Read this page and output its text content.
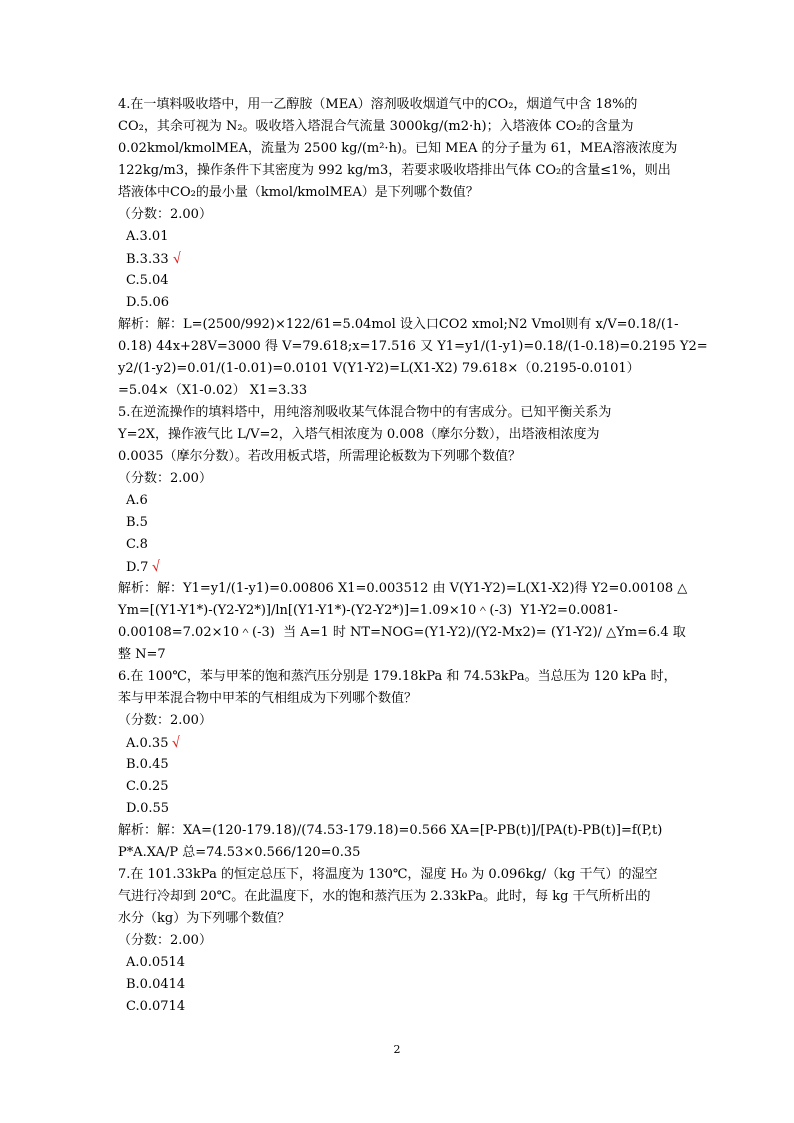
4.在一填料吸收塔中，用一乙醇胺（MEA）溶剂吸收烟道气中的CO₂，烟道气中含 18%的
CO₂，其余可视为 N₂。吸收塔入塔混合气流量 3000kg/(m2·h)；入塔液体 CO₂的含量为
0.02kmol/kmolMEA，流量为 2500 kg/(m²·h)。已知 MEA 的分子量为 61，MEA溶液浓度为
122kg/m3，操作条件下其密度为 992 kg/m3，若要求吸收塔排出气体 CO₂的含量≤1%，则出
塔液体中CO₂的最小量（kmol/kmolMEA）是下列哪个数值？
（分数：2.00）
A.3.01
B.3.33 √
C.5.04
D.5.06
解析：解：L=(2500/992)×122/61=5.04mol 设入口CO2 xmol;N2 Vmol则有 x/V=0.18/(1-
0.18) 44x+28V=3000 得 V=79.618;x=17.516 又 Y1=y1/(1-y1)=0.18/(1-0.18)=0.2195 Y2=
y2/(1-y2)=0.01/(1-0.01)=0.0101 V(Y1-Y2)=L(X1-X2) 79.618×（0.2195-0.0101）
=5.04×（X1-0.02） X1=3.33
5.在逆流操作的填料塔中，用纯溶剂吸收某气体混合物中的有害成分。已知平衡关系为
Y=2X，操作液气比 L/V=2，入塔气相浓度为 0.008（摩尔分数），出塔液相浓度为
0.0035（摩尔分数）。若改用板式塔，所需理论板数为下列哪个数值？
（分数：2.00）
A.6
B.5
C.8
D.7 √
解析：解：Y1=y1/(1-y1)=0.00806 X1=0.003512 由 V(Y1-Y2)=L(X1-X2)得 Y2=0.00108 △
Ym=[(Y1-Y1*)-(Y2-Y2*)]/ln[(Y1-Y1*)-(Y2-Y2*)]=1.09×10＾(-3)  Y1-Y2=0.0081-
0.00108=7.02×10＾(-3)  当 A=1 时 NT=NOG=(Y1-Y2)/(Y2-Mx2)= (Y1-Y2)/ △Ym=6.4 取
整 N=7
6.在 100℃，苯与甲苯的饱和蒸汽压分别是 179.18kPa 和 74.53kPa。当总压为 120 kPa 时，
苯与甲苯混合物中甲苯的气相组成为下列哪个数值？
（分数：2.00）
A.0.35 √
B.0.45
C.0.25
D.0.55
解析：解：XA=(120-179.18)/(74.53-179.18)=0.566 XA=[P-PB(t)]/[PA(t)-PB(t)]=f(P,t)
P*A.XA/P 总=74.53×0.566/120=0.35
7.在 101.33kPa 的恒定总压下，将温度为 130℃，湿度 H₀ 为 0.096kg/（kg 干气）的湿空
气进行冷却到 20℃。在此温度下，水的饱和蒸汽压为 2.33kPa。此时，每 kg 干气所析出的
水分（kg）为下列哪个数值？
（分数：2.00）
A.0.0514
B.0.0414
C.0.0714
2
